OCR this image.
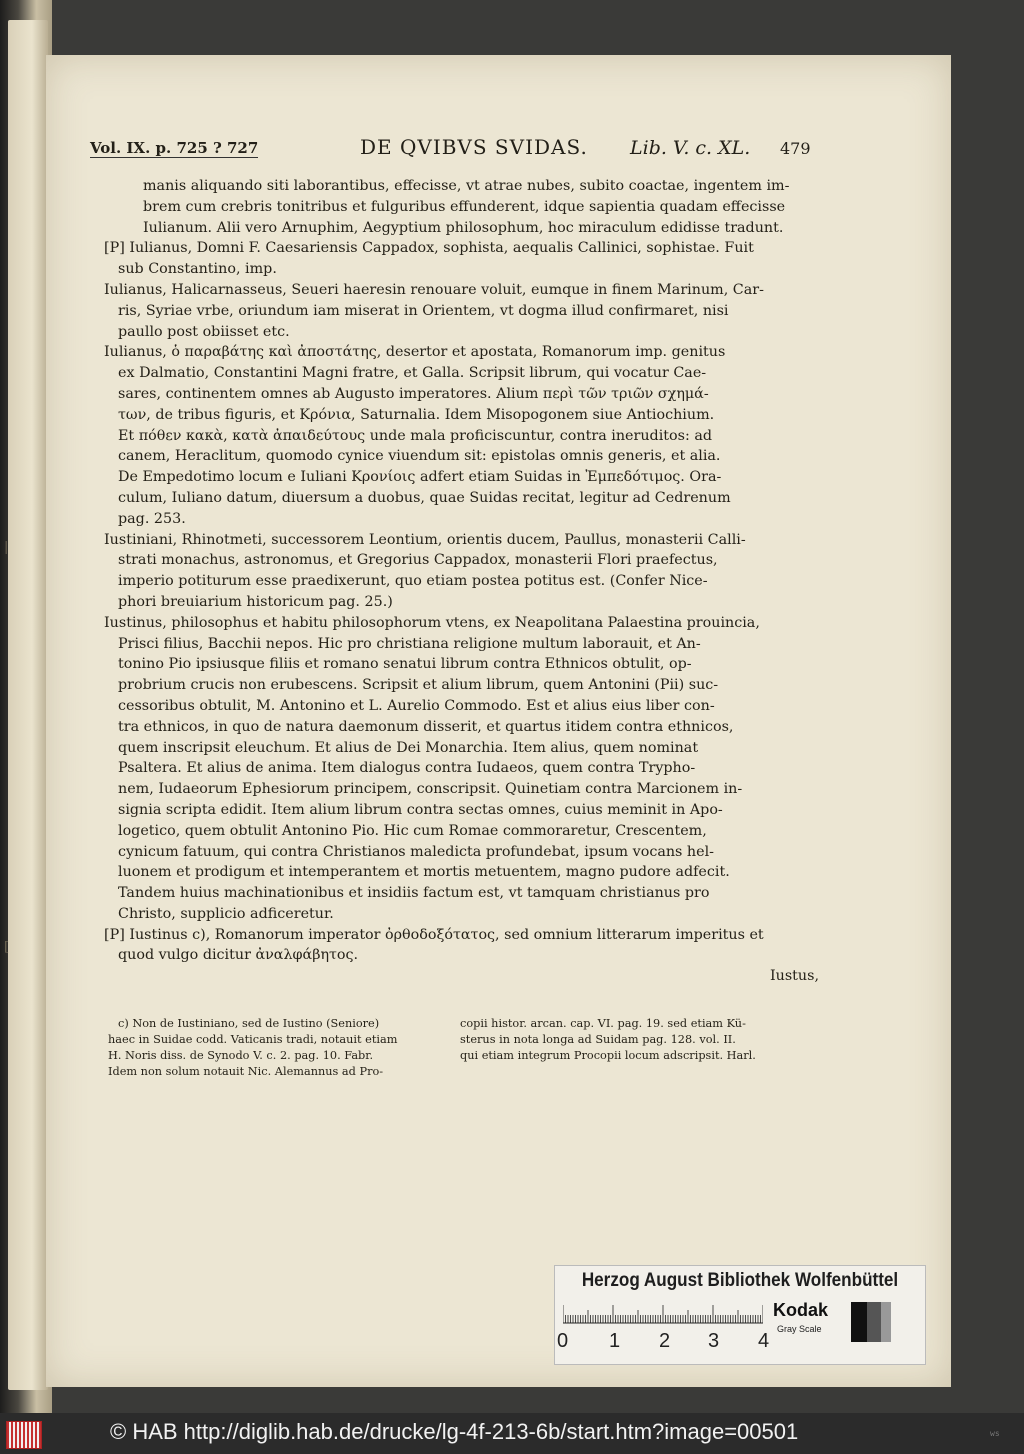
|
[
Vol. IX. p. 725 ? 727	DE QVIBVS SVIDAS. Lib. V. c. XL. 479
manis aliquando siti laborantibus, effecisse, vt atrae nubes, subito coactae, ingentem im-
brem cum crebris tonitribus et fulguribus effunderent, idque sapientia quadam effecisse
Iulianum. Alii vero Arnuphim, Aegyptium philosophum, hoc miraculum edidisse tradunt.
[P] Iulianus, Domni F. Caesariensis Cappadox, sophista, aequalis Callinici, sophistae. Fuit
sub Constantino, imp.
Iulianus, Halicarnasseus, Seueri haeresin renouare voluit, eumque in finem Marinum, Car-
ris, Syriae vrbe, oriundum iam miserat in Orientem, vt dogma illud confirmaret, nisi
paullo post obiisset etc.
Iulianus, ὁ παραβάτης καὶ ἀποστάτης, desertor et apostata, Romanorum imp. genitus
ex Dalmatio, Constantini Magni fratre, et Galla. Scripsit librum, qui vocatur Cae-
sares, continentem omnes ab Augusto imperatores. Alium περὶ τῶν τριῶν σχημά-
των, de tribus figuris, et Κρόνια, Saturnalia. Idem Misopogonem siue Antiochium.
Et πόθεν κακὰ, κατὰ ἀπαιδεύτους unde mala proficiscuntur, contra ineruditos: ad
canem, Heraclitum, quomodo cynice viuendum sit: epistolas omnis generis, et alia.
De Empedotimo locum e Iuliani Κρονίοις adfert etiam Suidas in Ἐμπεδότιμος. Ora-
culum, Iuliano datum, diuersum a duobus, quae Suidas recitat, legitur ad Cedrenum
pag. 253.
Iustiniani, Rhinotmeti, successorem Leontium, orientis ducem, Paullus, monasterii Calli-
strati monachus, astronomus, et Gregorius Cappadox, monasterii Flori praefectus,
imperio potiturum esse praedixerunt, quo etiam postea potitus est. (Confer Nice-
phori breuiarium historicum pag. 25.)
Iustinus, philosophus et habitu philosophorum vtens, ex Neapolitana Palaestina prouincia,
Prisci filius, Bacchii nepos. Hic pro christiana religione multum laborauit, et An-
tonino Pio ipsiusque filiis et romano senatui librum contra Ethnicos obtulit, op-
probrium crucis non erubescens. Scripsit et alium librum, quem Antonini (Pii) suc-
cessoribus obtulit, M. Antonino et L. Aurelio Commodo. Est et alius eius liber con-
tra ethnicos, in quo de natura daemonum disserit, et quartus itidem contra ethnicos,
quem inscripsit eleuchum. Et alius de Dei Monarchia. Item alius, quem nominat
Psaltera. Et alius de anima. Item dialogus contra Iudaeos, quem contra Trypho-
nem, Iudaeorum Ephesiorum principem, conscripsit. Quinetiam contra Marcionem in-
signia scripta edidit. Item alium librum contra sectas omnes, cuius meminit in Apo-
logetico, quem obtulit Antonino Pio. Hic cum Romae commoraretur, Crescentem,
cynicum fatuum, qui contra Christianos maledicta profundebat, ipsum vocans hel-
luonem et prodigum et intemperantem et mortis metuentem, magno pudore adfecit.
Tandem huius machinationibus et insidiis factum est, vt tamquam christianus pro
Christo, supplicio adficeretur.
[P] Iustinus c), Romanorum imperator ὀρθοδοξότατος, sed omnium litterarum imperitus et
quod vulgo dicitur ἀναλφάβητος.
Iustus,
c) Non de Iustiniano, sed de Iustino (Seniore)
haec in Suidae codd. Vaticanis tradi, notauit etiam
H. Noris diss. de Synodo V. c. 2. pag. 10. Fabr.
Idem non solum notauit Nic. Alemannus ad Pro-
copii histor. arcan. cap. VI. pag. 19. sed etiam Kü-
sterus in nota longa ad Suidam pag. 128. vol. II.
qui etiam integrum Procopii locum adscripsit. Harl.
Herzog August Bibliothek Wolfenbüttel
0 1 2 3 4
Kodak
Gray Scale
© HAB http://diglib.hab.de/drucke/lg-4f-213-6b/start.htm?image=00501	ws
